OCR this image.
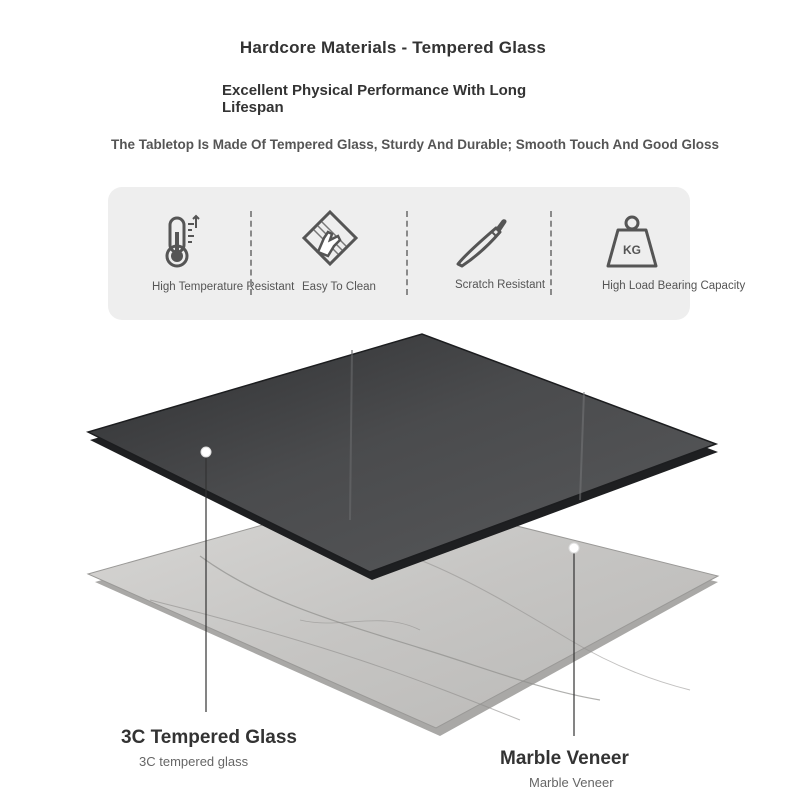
Hardcore Materials - Tempered Glass
Excellent Physical Performance With Long Lifespan
The Tabletop Is Made Of Tempered Glass, Sturdy And Durable; Smooth Touch And Good Gloss
High Temperature Resistant Easy To Clean	Scratch Resistant
KG
High Load Bearing Capacity
3C Tempered Glass
3C tempered glass	Marble Veneer
Marble Veneer
